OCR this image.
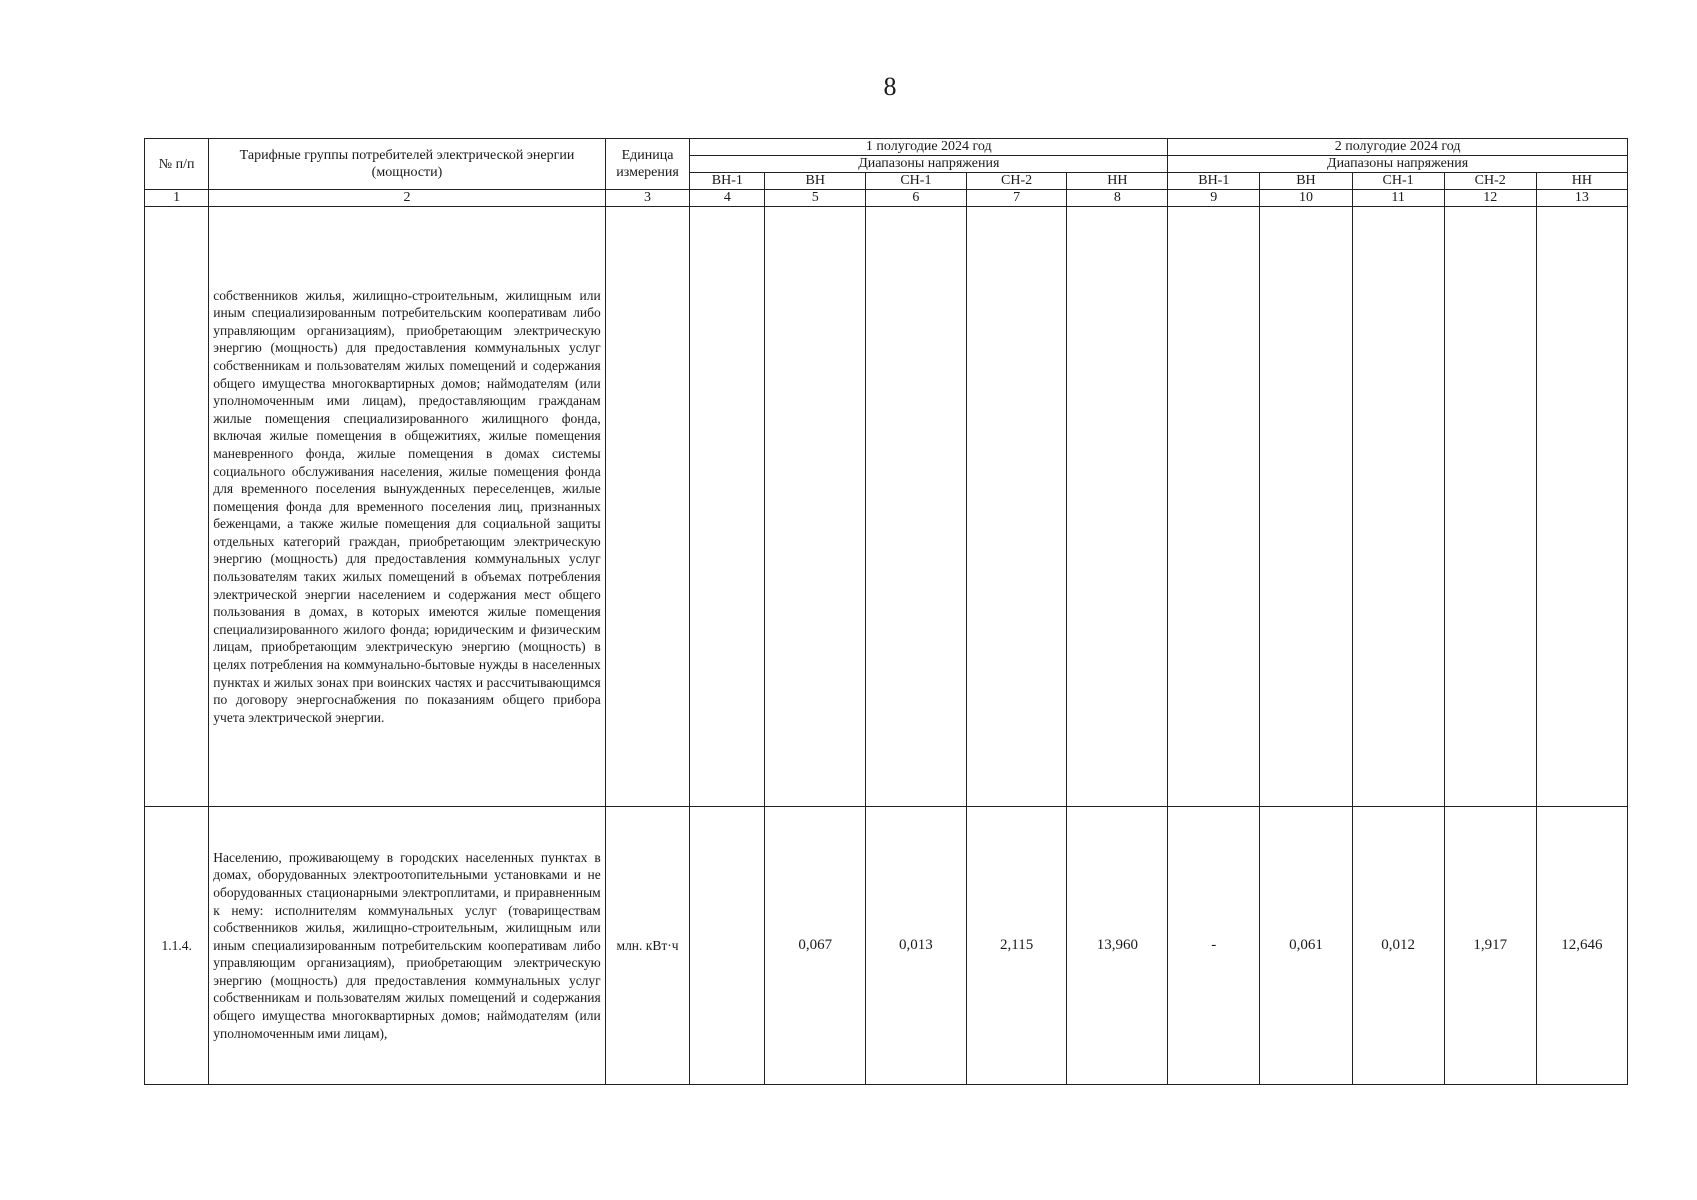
8
№ п/п	Тарифные группы потребителей электрической энергии (мощности)	Единица измерения	1 полугодие 2024 год					2 полугодие 2024 год				
			Диапазоны напряжения					Диапазоны напряжения				
			ВН-1	ВН	СН-1	СН-2	НН	ВН-1	ВН	СН-1	СН-2	НН
1	2	3	4	5	6	7	8	9	10	11	12	13
	собственников жилья, жилищно-строительным, жилищным или иным специализированным потребительским кооперативам либо управляющим организациям), приобретающим электрическую энергию (мощность) для предоставления коммунальных услуг собственникам и пользователям жилых помещений и содержания общего имущества многоквартирных домов; наймодателям (или уполномоченным ими лицам), предоставляющим гражданам жилые помещения специализированного жилищного фонда, включая жилые помещения в общежитиях, жилые помещения маневренного фонда, жилые помещения в домах системы социального обслуживания населения, жилые помещения фонда для временного поселения вынужденных переселенцев, жилые помещения фонда для временного поселения лиц, признанных беженцами, а также жилые помещения для социальной защиты отдельных категорий граждан, приобретающим электрическую энергию (мощность) для предоставления коммунальных услуг пользователям таких жилых помещений в объемах потребления электрической энергии населением и содержания мест общего пользования в домах, в которых имеются жилые помещения специализированного жилого фонда; юридическим и физическим лицам, приобретающим электрическую энергию (мощность) в целях потребления на коммунально-бытовые нужды в населенных пунктах и жилых зонах при воинских частях и рассчитывающимся по договору энергоснабжения по показаниям общего прибора учета электрической энергии.											
1.1.4.	Населению, проживающему в городских населенных пунктах в домах, оборудованных электроотопительными установками и не оборудованных стационарными электроплитами, и приравненным к нему: исполнителям коммунальных услуг (товариществам собственников жилья, жилищно-строительным, жилищным или иным специализированным потребительским кооперативам либо управляющим организациям), приобретающим электрическую энергию (мощность) для предоставления коммунальных услуг собственникам и пользователям жилых помещений и содержания общего имущества многоквартирных домов; наймодателям (или уполномоченным ими лицам),	млн. кВт·ч		0,067	0,013	2,115	13,960	-	0,061	0,012	1,917	12,646
